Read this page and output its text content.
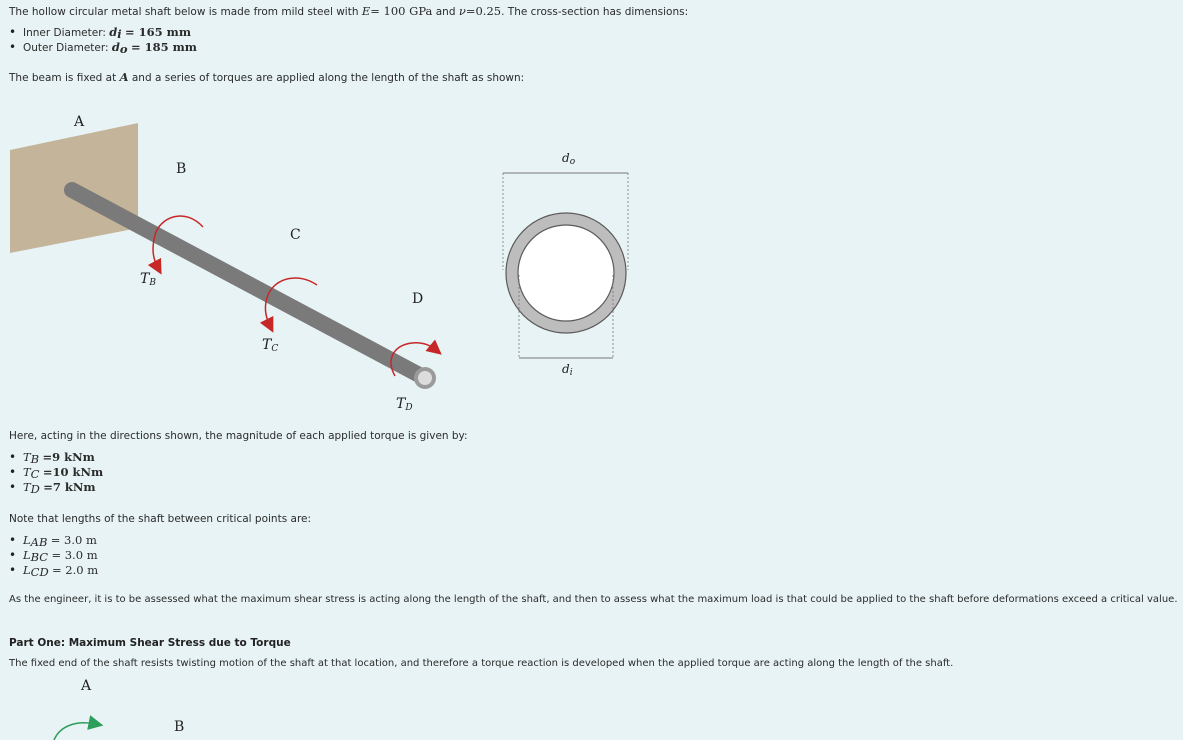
The hollow circular metal shaft below is made from mild steel with E= 100 GPa and ν=0.25. The cross-section has dimensions:
• Inner Diameter: $d_i = 165$ mm
• Outer Diameter: $d_o = 185$ mm
The beam is fixed at A and a series of torques are applied along the length of the shaft as shown:
A
B
C
D
$T_B$
$T_C$
$T_D$
$d_o$
$d_i$
Here, acting in the directions shown, the magnitude of each applied torque is given by:
• $T_B =9$ kNm
• $T_C =10$ kNm
• $T_D =7$ kNm
Note that lengths of the shaft between critical points are:
• $L_{AB} = 3.0$ m
• $L_{BC} = 3.0$ m
• $L_{CD} = 2.0$ m
As the engineer, it is to be assessed what the maximum shear stress is acting along the length of the shaft, and then to assess what the maximum load is that could be applied to the shaft before deformations exceed a critical value.
Part One: Maximum Shear Stress due to Torque
The fixed end of the shaft resists twisting motion of the shaft at that location, and therefore a torque reaction is developed when the applied torque are acting along the length of the shaft.
A
B
